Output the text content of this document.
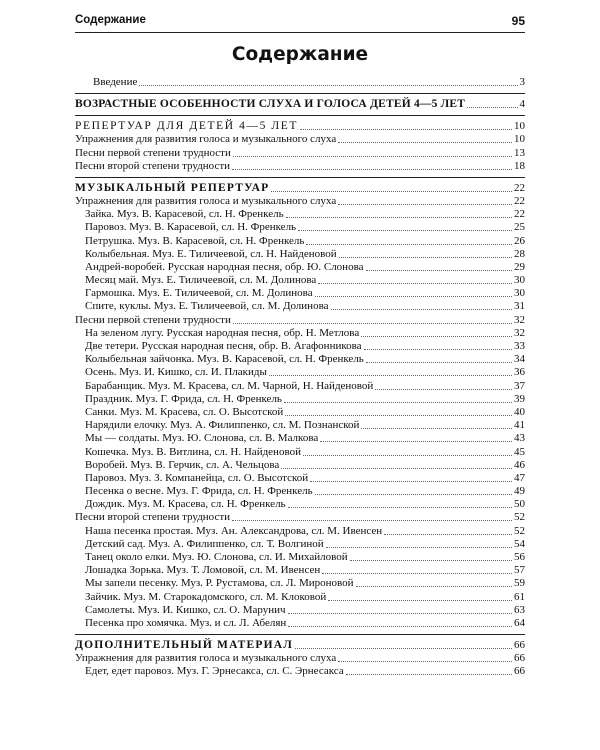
Содержание	95
Содержание
Введение	3
ВОЗРАСТНЫЕ ОСОБЕННОСТИ СЛУХА И ГОЛОСА ДЕТЕЙ 4—5 ЛЕТ	4
РЕПЕРТУАР ДЛЯ ДЕТЕЙ 4—5 ЛЕТ	10
Упражнения для развития голоса и музыкального слуха	10
Песни первой степени трудности	13
Песни второй степени трудности	18
МУЗЫКАЛЬНЫЙ РЕПЕРТУАР	22
Упражнения для развития голоса и музыкального слуха	22
Зайка. Муз. В. Карасевой, сл. Н. Френкель	22
Паровоз. Муз. В. Карасевой, сл. Н. Френкель	25
Петрушка. Муз. В. Карасевой, сл. Н. Френкель	26
Колыбельная. Муз. Е. Тиличеевой, сл. Н. Найденовой	28
Андрей-воробей. Русская народная песня, обр. Ю. Слонова	29
Месяц май. Муз. Е. Тиличеевой, сл. М. Долинова	30
Гармошка. Муз. Е. Тиличеевой, сл. М. Долинова	30
Спите, куклы. Муз. Е. Тиличеевой, сл. М. Долинова	31
Песни первой степени трудности	32
На зеленом лугу. Русская народная песня, обр. Н. Метлова	32
Две тетери. Русская народная песня, обр. В. Агафонникова	33
Колыбельная зайчонка. Муз. В. Карасевой, сл. Н. Френкель	34
Осень. Муз. И. Кишко, сл. И. Плакиды	36
Барабанщик. Муз. М. Красева, сл. М. Чарной, Н. Найденовой	37
Праздник. Муз. Г. Фрида, сл. Н. Френкель	39
Санки. Муз. М. Красева, сл. О. Высотской	40
Нарядили елочку. Муз. А. Филиппенко, сл. М. Познанской	41
Мы — солдаты. Муз. Ю. Слонова, сл. В. Малкова	43
Кошечка. Муз. В. Витлина, сл. Н. Найденовой	45
Воробей. Муз. В. Герчик, сл. А. Чельцова	46
Паровоз. Муз. З. Компанейца, сл. О. Высотской	47
Песенка о весне. Муз. Г. Фрида, сл. Н. Френкель	49
Дождик. Муз. М. Красева, сл. Н. Френкель	50
Песни второй степени трудности	52
Наша песенка простая. Муз. Ан. Александрова, сл. М. Ивенсен	52
Детский сад. Муз. А. Филиппенко, сл. Т. Волгиной	54
Танец около елки. Муз. Ю. Слонова, сл. И. Михайловой	56
Лошадка Зорька. Муз. Т. Ломовой, сл. М. Ивенсен	57
Мы запели песенку. Муз. Р. Рустамова, сл. Л. Мироновой	59
Зайчик. Муз. М. Старокадомского, сл. М. Клоковой	61
Самолеты. Муз. И. Кишко, сл. О. Марунич	63
Песенка про хомячка. Муз. и сл. Л. Абелян	64
ДОПОЛНИТЕЛЬНЫЙ МАТЕРИАЛ	66
Упражнения для развития голоса и музыкального слуха	66
Едет, едет паровоз. Муз. Г. Эрнесакса, сл. С. Эрнесакса	66
